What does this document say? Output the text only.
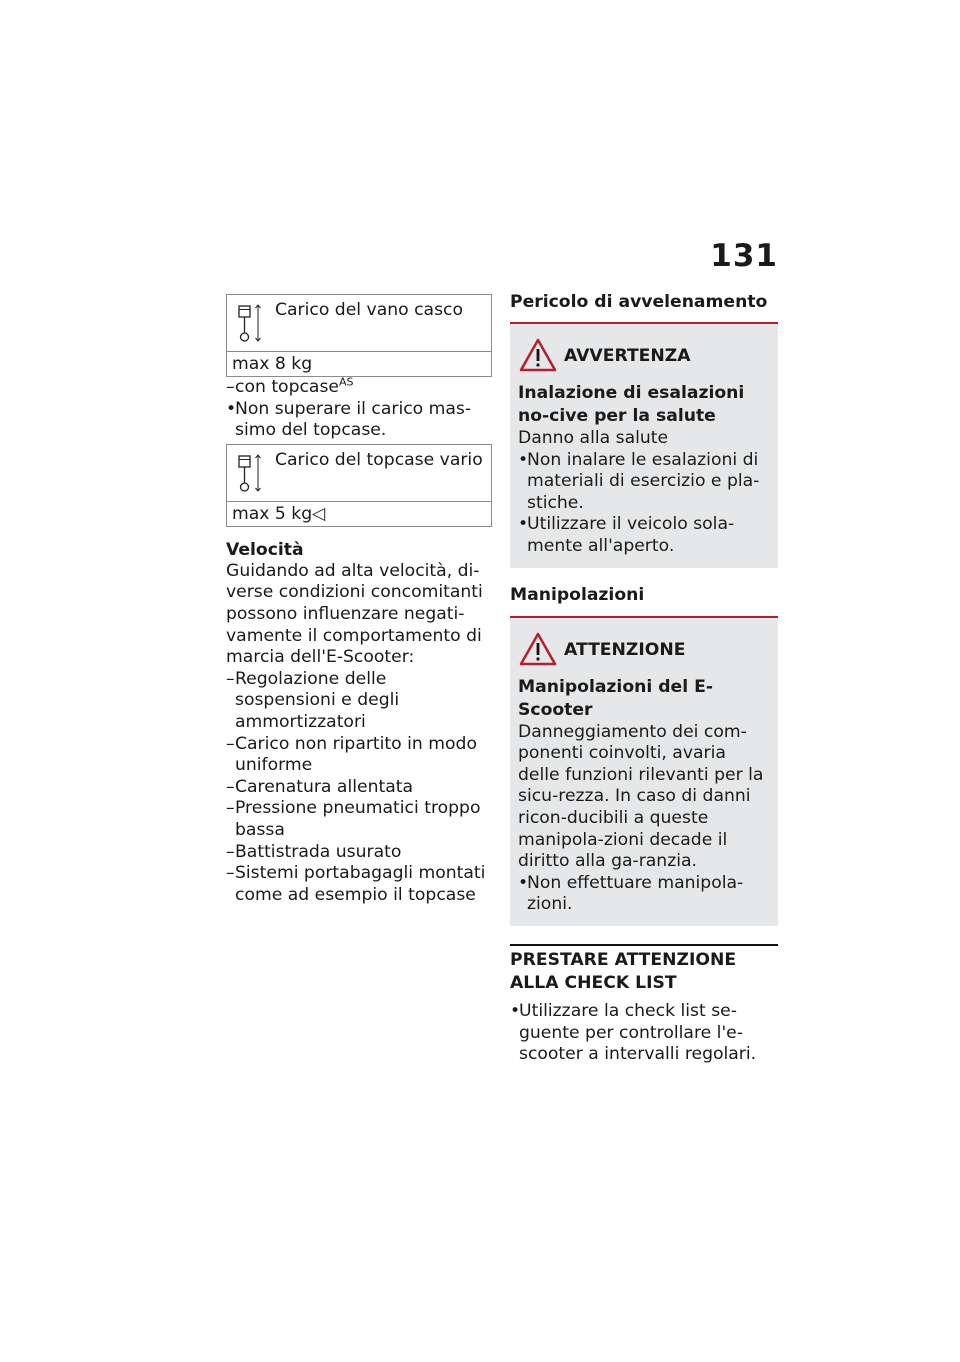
131
Carico del vano casco
max 8 kg
– con topcase$^{AS}$
• Non superare il carico mas-simo del topcase.
Carico del topcase vario
max 5 kg◁
Velocità
Guidando ad alta velocità, di-verse condizioni concomitanti possono influenzare negati-vamente il comportamento di marcia dell'E-Scooter:
– Regolazione delle sospensioni e degli ammortizzatori
– Carico non ripartito in modo uniforme
– Carenatura allentata
– Pressione pneumatici troppo bassa
– Battistrada usurato
– Sistemi portabagagli montati come ad esempio il topcase
Pericolo di avvelenamento
AVVERTENZA
Inalazione di esalazioni no-cive per la salute
Danno alla salute
• Non inalare le esalazioni di materiali di esercizio e pla-stiche.
• Utilizzare il veicolo sola-mente all'aperto.
Manipolazioni
ATTENZIONE
Manipolazioni del E-Scooter
Danneggiamento dei com-ponenti coinvolti, avaria delle funzioni rilevanti per la sicu-rezza. In caso di danni ricon-ducibili a queste manipola-zioni decade il diritto alla ga-ranzia.
• Non effettuare manipola-zioni.
PRESTARE ATTENZIONE
ALLA CHECK LIST
• Utilizzare la check list se-guente per controllare l'e-scooter a intervalli regolari.
